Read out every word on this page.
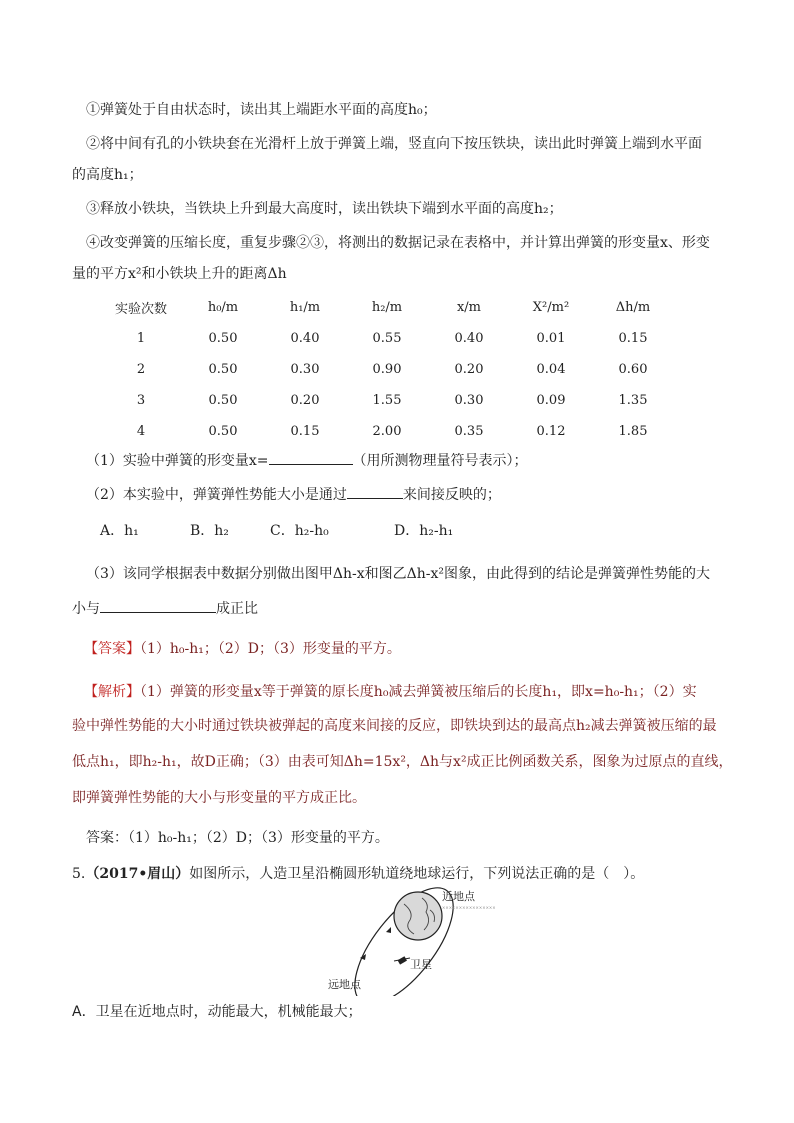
①弹簧处于自由状态时，读出其上端距水平面的高度h₀；
②将中间有孔的小铁块套在光滑杆上放于弹簧上端，竖直向下按压铁块，读出此时弹簧上端到水平面
的高度h₁；
③释放小铁块，当铁块上升到最大高度时，读出铁块下端到水平面的高度h₂；
④改变弹簧的压缩长度，重复步骤②③，将测出的数据记录在表格中，并计算出弹簧的形变量x、形变
量的平方x²和小铁块上升的距离Δh
实验次数	h₀/m	h₁/m	h₂/m	x/m	X²/m²	Δh/m
1	0.50	0.40	0.55	0.40	0.01	0.15
2	0.50	0.30	0.90	0.20	0.04	0.60
3	0.50	0.20	1.55	0.30	0.09	1.35
4	0.50	0.15	2.00	0.35	0.12	1.85
（1）实验中弹簧的形变量x=	（用所测物理量符号表示）；
（2）本实验中，弹簧弹性势能大小是通过	来间接反映的；
A．h₁	B．h₂	C．h₂-h₀	D．h₂-h₁
（3）该同学根据表中数据分别做出图甲Δh-x和图乙Δh-x²图象，由此得到的结论是弹簧弹性势能的大
小与	成正比
【答案】（1）h₀-h₁；（2）D；（3）形变量的平方。
【解析】（1）弹簧的形变量x等于弹簧的原长度h₀减去弹簧被压缩后的长度h₁，即x=h₀-h₁；（2）实
验中弹性势能的大小时通过铁块被弹起的高度来间接的反应，即铁块到达的最高点h₂减去弹簧被压缩的最
低点h₁，即h₂-h₁，故D正确；（3）由表可知Δh=15x²，Δh与x²成正比例函数关系，图象为过原点的直线，
即弹簧弹性势能的大小与形变量的平方成正比。
答案：（1）h₀-h₁；（2）D；（3）形变量的平方。
5.（2017•眉山）如图所示，人造卫星沿椭圆形轨道绕地球运行，下列说法正确的是（　）。
近地点
××××××××××××××××
卫星
远地点
A．卫星在近地点时，动能最大，机械能最大；
